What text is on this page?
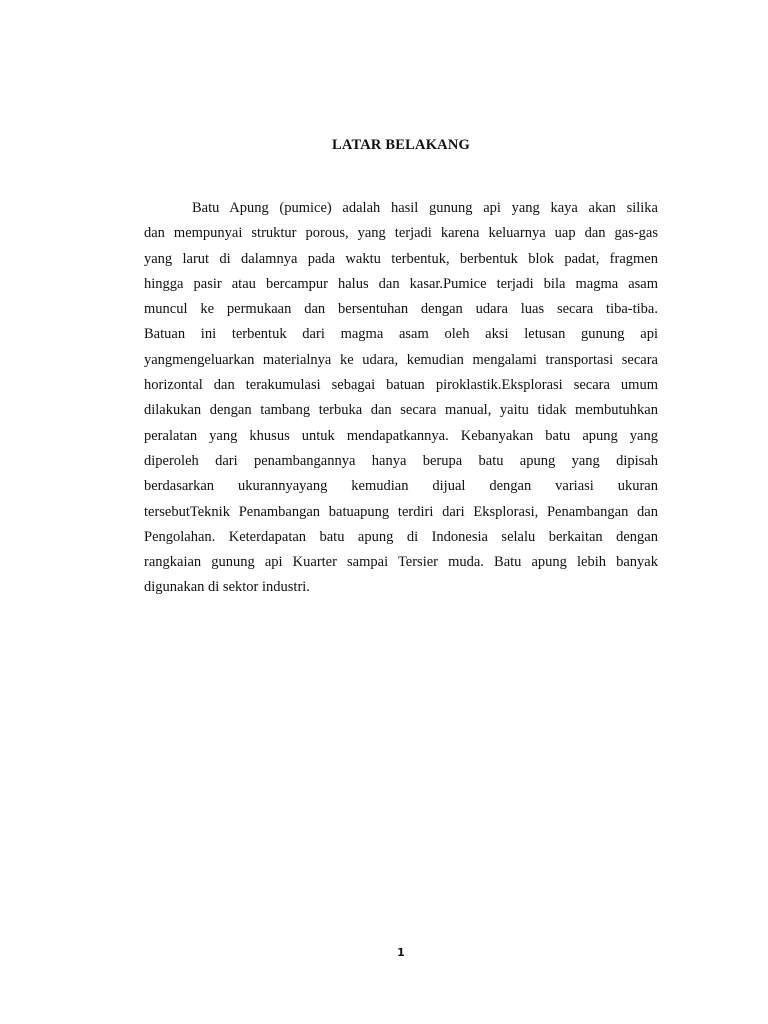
LATAR BELAKANG
Batu Apung (pumice) adalah hasil gunung api yang kaya akan silika
dan mempunyai struktur porous, yang terjadi karena keluarnya uap dan gas-gas
yang larut di dalamnya pada waktu terbentuk, berbentuk blok padat, fragmen
hingga pasir atau bercampur halus dan kasar.Pumice terjadi bila magma asam
muncul ke permukaan dan bersentuhan dengan udara luas secara tiba-tiba.
Batuan ini terbentuk dari magma asam oleh aksi letusan gunung api
yangmengeluarkan materialnya ke udara, kemudian mengalami transportasi secara
horizontal dan terakumulasi sebagai batuan piroklastik.Eksplorasi secara umum
dilakukan dengan tambang terbuka dan secara manual, yaitu tidak membutuhkan
peralatan yang khusus untuk mendapatkannya. Kebanyakan batu apung yang
diperoleh dari penambangannya hanya berupa batu apung yang dipisah
berdasarkan ukurannyayang kemudian dijual dengan variasi ukuran
tersebutTeknik Penambangan batuapung terdiri dari Eksplorasi, Penambangan dan
Pengolahan. Keterdapatan batu apung di Indonesia selalu berkaitan dengan
rangkaian gunung api Kuarter sampai Tersier muda. Batu apung lebih banyak
digunakan di sektor industri.
1
